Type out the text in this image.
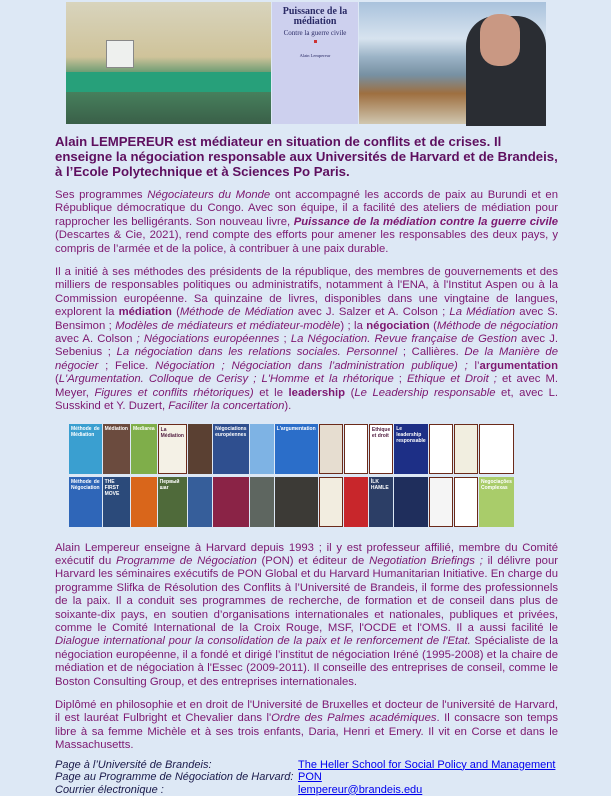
Puissance de la médiation
Contre la guerre civile
Alain Lempereur
Alain LEMPEREUR est médiateur en situation de conflits et de crises. Il enseigne la négociation responsable aux Universités de Harvard et de Brandeis, à l’Ecole Polytechnique et à Sciences Po Paris.

Ses programmes Négociateurs du Monde ont accompagné les accords de paix au Burundi et en République démocratique du Congo. Avec son équipe, il a facilité des ateliers de médiation pour rapprocher les belligérants. Son nouveau livre, Puissance de la médiation contre la guerre civile (Descartes & Cie, 2021), rend compte des efforts pour amener les responsables des deux pays, y compris de l’armée et de la police, à contribuer à une paix durable.

Il a initié à ses méthodes des présidents de la république, des membres de gouvernements et des milliers de responsables politiques ou administratifs, notamment à l'ENA, à l'Institut Aspen ou à la Commission européenne. Sa quinzaine de livres, disponibles dans une vingtaine de langues, explorent la médiation (Méthode de Médiation avec J. Salzer et A. Colson ; La Médiation avec S. Bensimon ; Modèles de médiateurs et médiateur-modèle) ; la négociation (Méthode de négociation avec A. Colson ; Négociations européennes ; La Négociation. Revue française de Gestion avec J. Sebenius ; La négociation dans les relations sociales. Personnel ; Callières. De la Manière de négocier ; Felice. Négociation ; Négociation dans l’administration publique) ; l’argumentation (L'Argumentation. Colloque de Cerisy ; L'Homme et la rhétorique ; Ethique et Droit ; et avec M. Meyer, Figures et conflits rhétoriques) et le leadership (Le Leadership responsable et, avec L. Susskind et Y. Duzert, Faciliter la concertation).

Méthode de Médiation
Médiation	Mediarea	La Médiation
Négociations européennes
L'argumentation	Ethique et droit
Le leadership responsable
Méthode de Négociation
THE FIRST MOVE
Первый шаг
İLK HAMLE
Negociações Complexas

Alain Lempereur enseigne à Harvard depuis 1993 ; il y est professeur affilié, membre du Comité exécutif du Programme de Négociation (PON) et éditeur de Negotiation Briefings ; il délivre pour Harvard les séminaires exécutifs de PON Global et du Harvard Humanitarian Initiative. En charge du programme Slifka de Résolution des Conflits à l’Université de Brandeis, il forme des professionnels de la paix. Il a conduit ses programmes de recherche, de formation et de conseil dans plus de soixante-dix pays, en soutien d’organisations internationales et nationales, publiques et privées, comme le Comité International de la Croix Rouge, MSF, l'OCDE et l'OMS. Il a aussi facilité le Dialogue international pour la consolidation de la paix et le renforcement de l'Etat. Spécialiste de la négociation européenne, il a fondé et dirigé l’institut de négociation Iréné (1995-2008) et la chaire de médiation et de négociation à l'Essec (2009-2011). Il conseille des entreprises de conseil, comme le Boston Consulting Group, et des entreprises internationales.

Diplômé en philosophie et en droit de l'Université de Bruxelles et docteur de l'université de Harvard, il est lauréat Fulbright et Chevalier dans l'Ordre des Palmes académiques. Il consacre son temps libre à sa femme Michèle et à ses trois enfants, Daria, Henri et Emery. Il vit en Corse et dans le Massachusetts.

Page à l’Université de Brandeis:	The Heller School for Social Policy and Management
Page au Programme de Négociation de Harvard: PON
Courrier électronique :	lempereur@brandeis.edu
